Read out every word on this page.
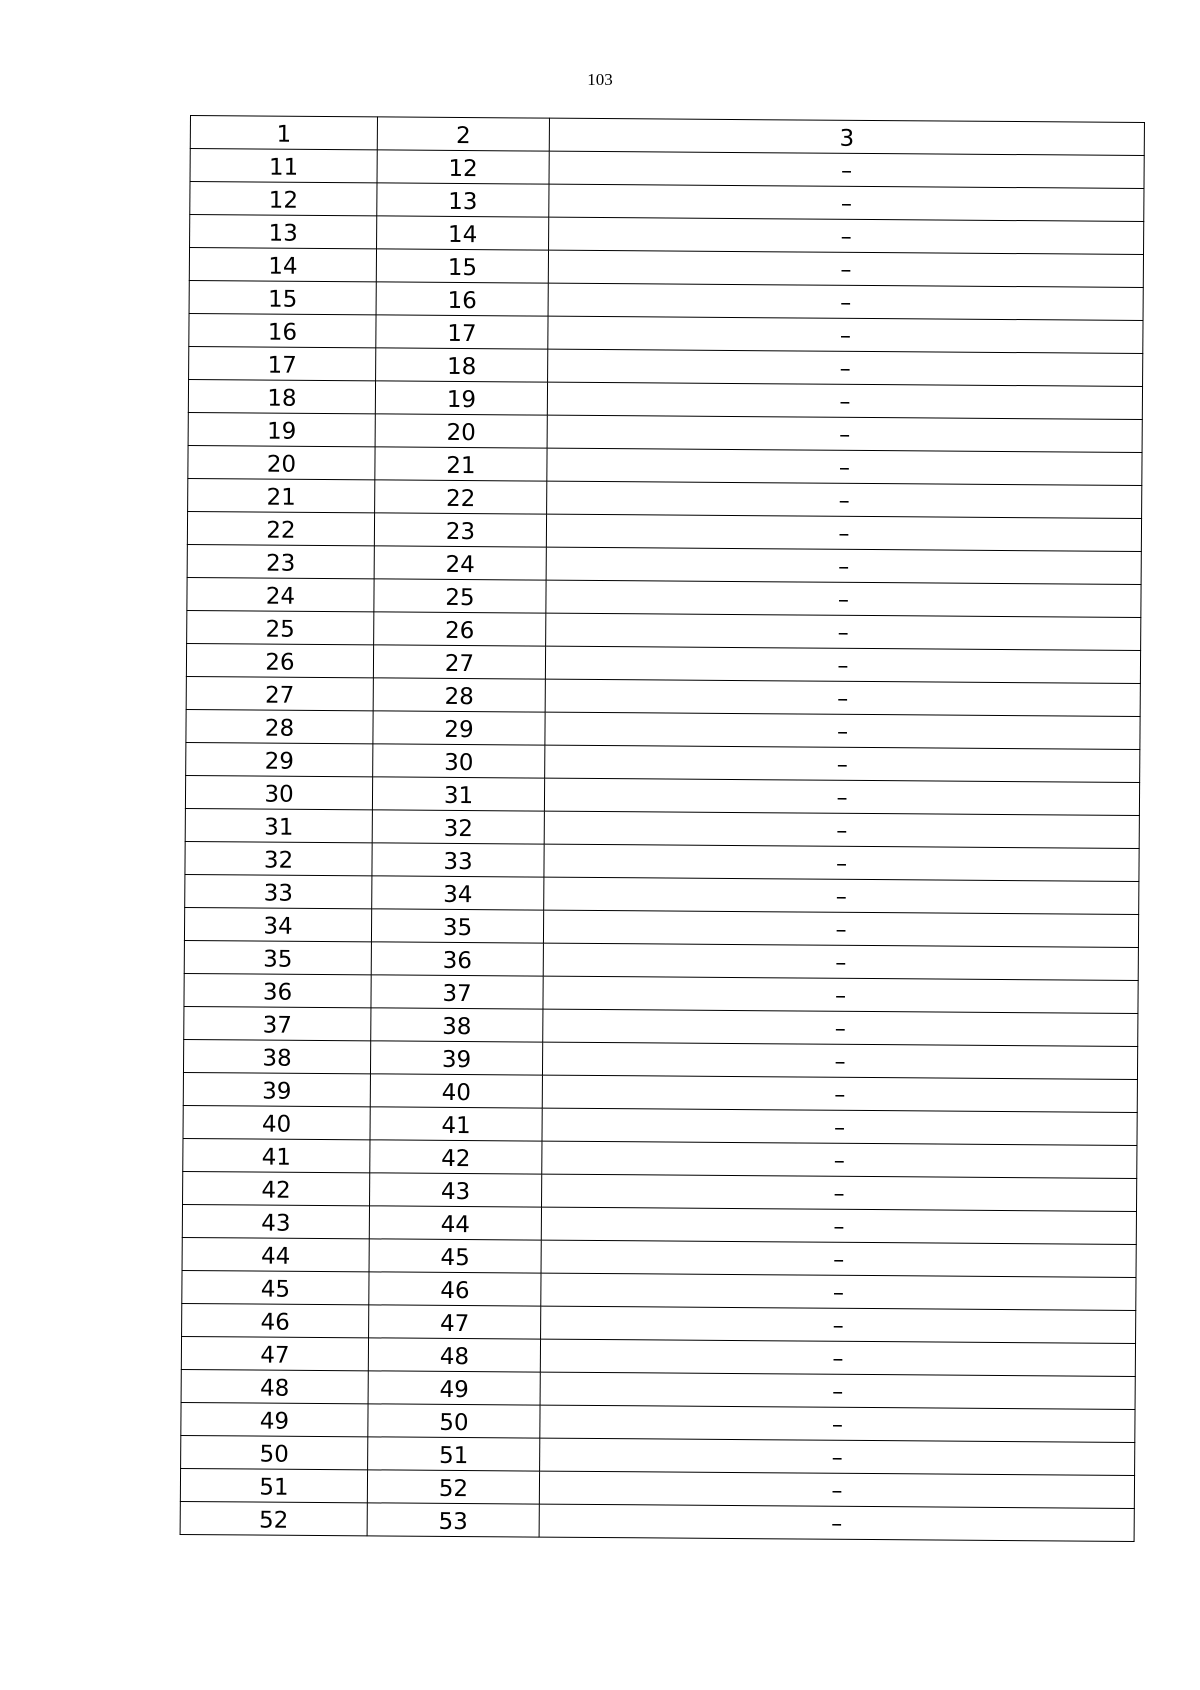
103
1	2	3
11	12	–
12	13	–
13	14	–
14	15	–
15	16	–
16	17	–
17	18	–
18	19	–
19	20	–
20	21	–
21	22	–
22	23	–
23	24	–
24	25	–
25	26	–
26	27	–
27	28	–
28	29	–
29	30	–
30	31	–
31	32	–
32	33	–
33	34	–
34	35	–
35	36	–
36	37	–
37	38	–
38	39	–
39	40	–
40	41	–
41	42	–
42	43	–
43	44	–
44	45	–
45	46	–
46	47	–
47	48	–
48	49	–
49	50	–
50	51	–
51	52	–
52	53	–
